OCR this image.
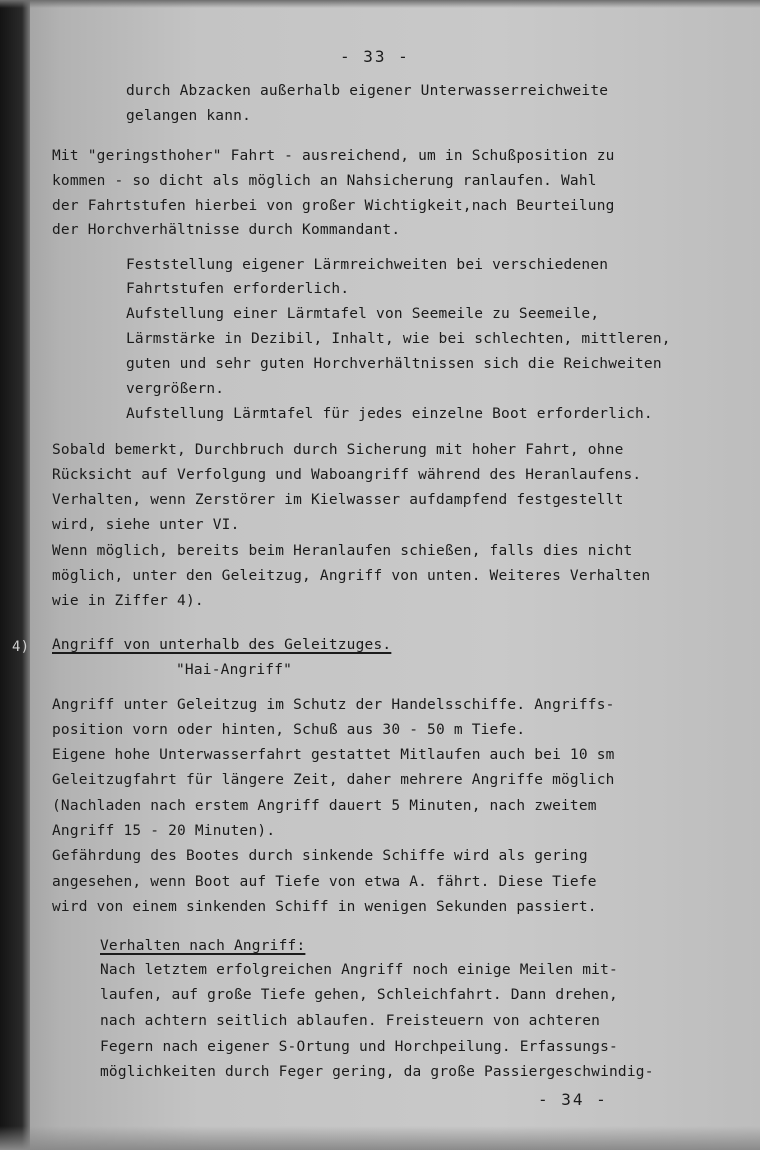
- 33 -
durch Abzacken außerhalb eigener Unterwasserreichweite
gelangen kann.
Mit "geringsthoher" Fahrt - ausreichend, um in Schußposition zu
kommen - so dicht als möglich an Nahsicherung ranlaufen. Wahl
der Fahrtstufen hierbei von großer Wichtigkeit,nach Beurteilung
der Horchverhältnisse durch Kommandant.
Feststellung eigener Lärmreichweiten bei verschiedenen
Fahrtstufen erforderlich.
Aufstellung einer Lärmtafel von Seemeile zu Seemeile,
Lärmstärke in Dezibil, Inhalt, wie bei schlechten, mittleren,
guten und sehr guten Horchverhältnissen sich die Reichweiten
vergrößern.
Aufstellung Lärmtafel für jedes einzelne Boot erforderlich.
Sobald bemerkt, Durchbruch durch Sicherung mit hoher Fahrt, ohne
Rücksicht auf Verfolgung und Waboangriff während des Heranlaufens.
Verhalten, wenn Zerstörer im Kielwasser aufdampfend festgestellt
wird, siehe unter VI.
Wenn möglich, bereits beim Heranlaufen schießen, falls dies nicht
möglich, unter den Geleitzug, Angriff von unten. Weiteres Verhalten
wie in Ziffer 4).
4) Angriff von unterhalb des Geleitzuges.
"Hai-Angriff"
Angriff unter Geleitzug im Schutz der Handelsschiffe. Angriffs-
position vorn oder hinten, Schuß aus 30 - 50 m Tiefe.
Eigene hohe Unterwasserfahrt gestattet Mitlaufen auch bei 10 sm
Geleitzugfahrt für längere Zeit, daher mehrere Angriffe möglich
(Nachladen nach erstem Angriff dauert 5 Minuten, nach zweitem
Angriff 15 - 20 Minuten).
Gefährdung des Bootes durch sinkende Schiffe wird als gering
angesehen, wenn Boot auf Tiefe von etwa A. fährt. Diese Tiefe
wird von einem sinkenden Schiff in wenigen Sekunden passiert.
Verhalten nach Angriff:
Nach letztem erfolgreichen Angriff noch einige Meilen mit-
laufen, auf große Tiefe gehen, Schleichfahrt. Dann drehen,
nach achtern seitlich ablaufen. Freisteuern von achteren
Fegern nach eigener S-Ortung und Horchpeilung. Erfassungs-
möglichkeiten durch Feger gering, da große Passiergeschwindig-
- 34 -
